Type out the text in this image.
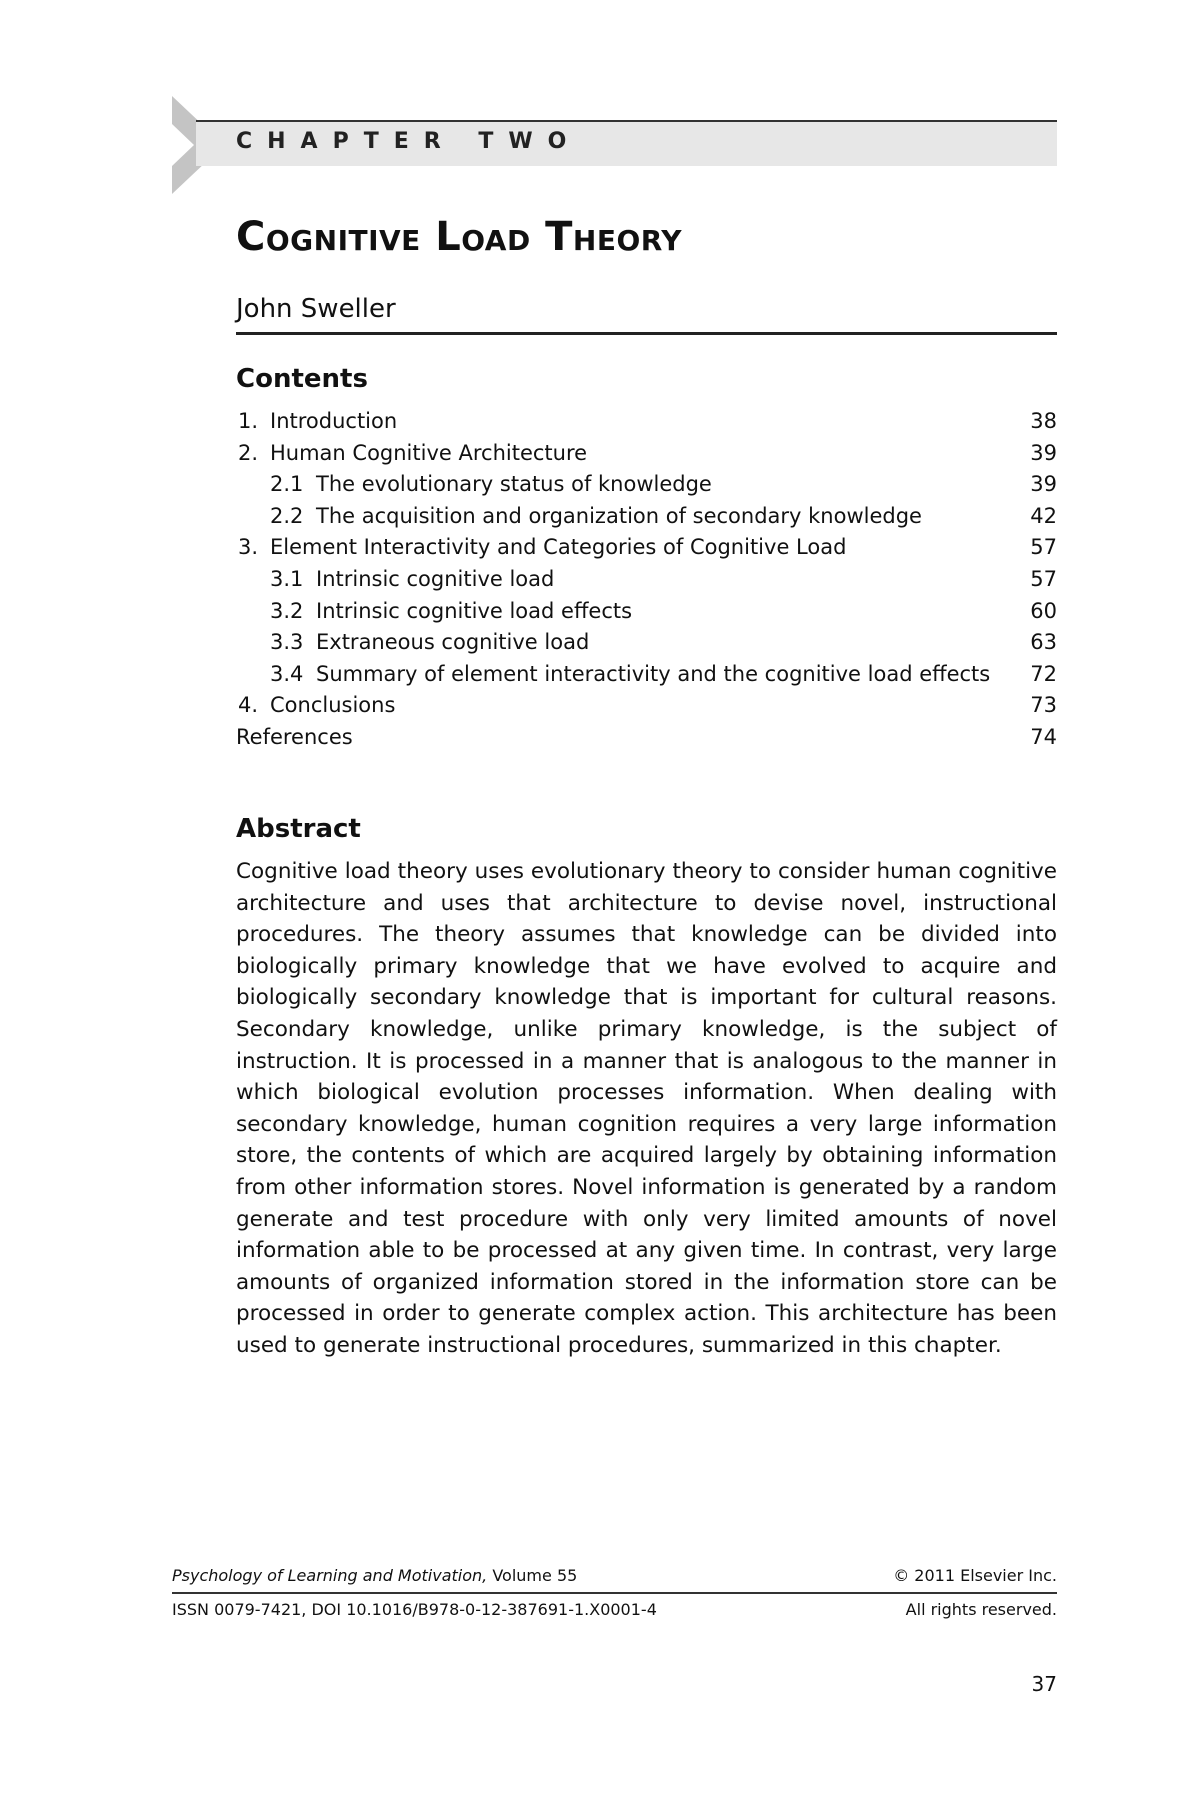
CHAPTER TWO
Cognitive Load Theory
John Sweller
Contents
1. Introduction	38
2. Human Cognitive Architecture	39
2.1 The evolutionary status of knowledge	39
2.2 The acquisition and organization of secondary knowledge	42
3. Element Interactivity and Categories of Cognitive Load	57
3.1 Intrinsic cognitive load	57
3.2 Intrinsic cognitive load effects	60
3.3 Extraneous cognitive load	63
3.4 Summary of element interactivity and the cognitive load effects 72
4. Conclusions	73
References	74
Abstract
Cognitive load theory uses evolutionary theory to consider human cognitive architecture and uses that architecture to devise novel, instructional procedures. The theory assumes that knowledge can be divided into biologically primary knowledge that we have evolved to acquire and biologically secondary knowledge that is important for cultural reasons. Secondary knowledge, unlike primary knowledge, is the subject of instruction. It is processed in a manner that is analogous to the manner in which biological evolution processes information. When dealing with secondary knowledge, human cognition requires a very large information store, the contents of which are acquired largely by obtaining information from other information stores. Novel information is generated by a random generate and test procedure with only very limited amounts of novel information able to be processed at any given time. In contrast, very large amounts of organized information stored in the information store can be processed in order to generate complex action. This architecture has been used to generate instructional procedures, summarized in this chapter.
Psychology of Learning and Motivation, Volume 55	© 2011 Elsevier Inc.
ISSN 0079-7421, DOI 10.1016/B978-0-12-387691-1.X0001-4	All rights reserved.
37
